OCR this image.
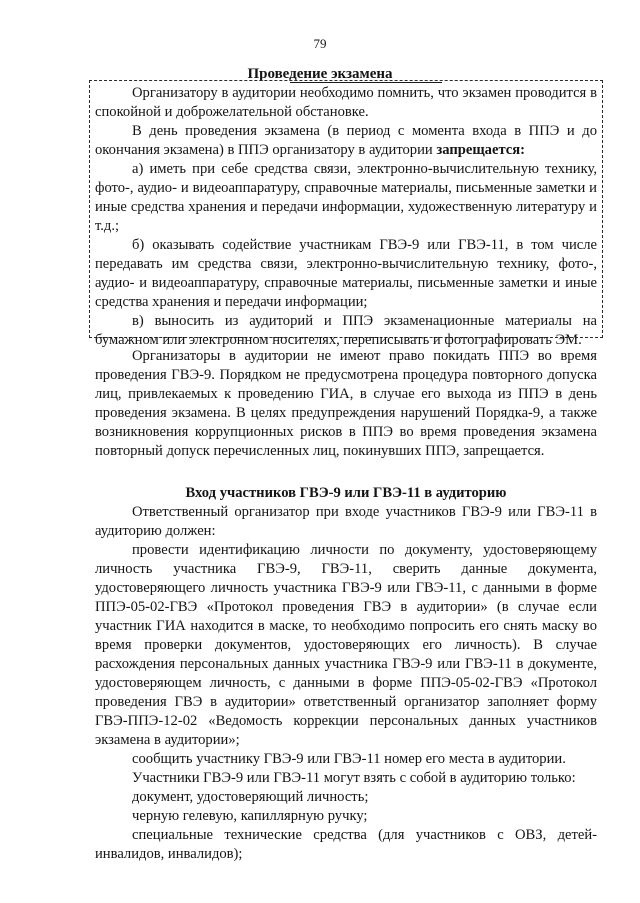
79
Проведение экзамена

Организатору в аудитории необходимо помнить, что экзамен проводится в спокойной и доброжелательной обстановке.

В день проведения экзамена (в период с момента входа в ППЭ и до окончания экзамена) в ППЭ организатору в аудитории запрещается:

а) иметь при себе средства связи, электронно-вычислительную технику, фото-, аудио- и видеоаппаратуру, справочные материалы, письменные заметки и иные средства хранения и передачи информации, художественную литературу и т.д.;

б) оказывать содействие участникам ГВЭ-9 или ГВЭ-11, в том числе передавать им средства связи, электронно-вычислительную технику, фото-, аудио- и видеоаппаратуру, справочные материалы, письменные заметки и иные средства хранения и передачи информации;

в) выносить из аудиторий и ППЭ экзаменационные материалы на бумажном или электронном носителях, переписывать и фотографировать ЭМ.

Организаторы в аудитории не имеют право покидать ППЭ во время проведения ГВЭ-9. Порядком не предусмотрена процедура повторного допуска лиц, привлекаемых к проведению ГИА, в случае его выхода из ППЭ в день проведения экзамена. В целях предупреждения нарушений Порядка-9, а также возникновения коррупционных рисков в ППЭ во время проведения экзамена повторный допуск перечисленных лиц, покинувших ППЭ, запрещается.

Вход участников ГВЭ-9 или ГВЭ-11 в аудиторию

Ответственный организатор при входе участников ГВЭ-9 или ГВЭ-11 в аудиторию должен:

провести идентификацию личности по документу, удостоверяющему личность участника ГВЭ-9, ГВЭ-11, сверить данные документа, удостоверяющего личность участника ГВЭ-9 или ГВЭ-11, с данными в форме ППЭ-05-02-ГВЭ «Протокол проведения ГВЭ в аудитории» (в случае если участник ГИА находится в маске, то необходимо попросить его снять маску во время проверки документов, удостоверяющих его личность). В случае расхождения персональных данных участника ГВЭ-9 или ГВЭ-11 в документе, удостоверяющем личность, с данными в форме ППЭ-05-02-ГВЭ «Протокол проведения ГВЭ в аудитории» ответственный организатор заполняет форму ГВЭ-ППЭ-12-02 «Ведомость коррекции персональных данных участников экзамена в аудитории»;

сообщить участнику ГВЭ-9 или ГВЭ-11 номер его места в аудитории.

Участники ГВЭ-9 или ГВЭ-11 могут взять с собой в аудиторию только:

документ, удостоверяющий личность;

черную гелевую, капиллярную ручку;

специальные технические средства (для участников с ОВЗ, детей-инвалидов, инвалидов);
